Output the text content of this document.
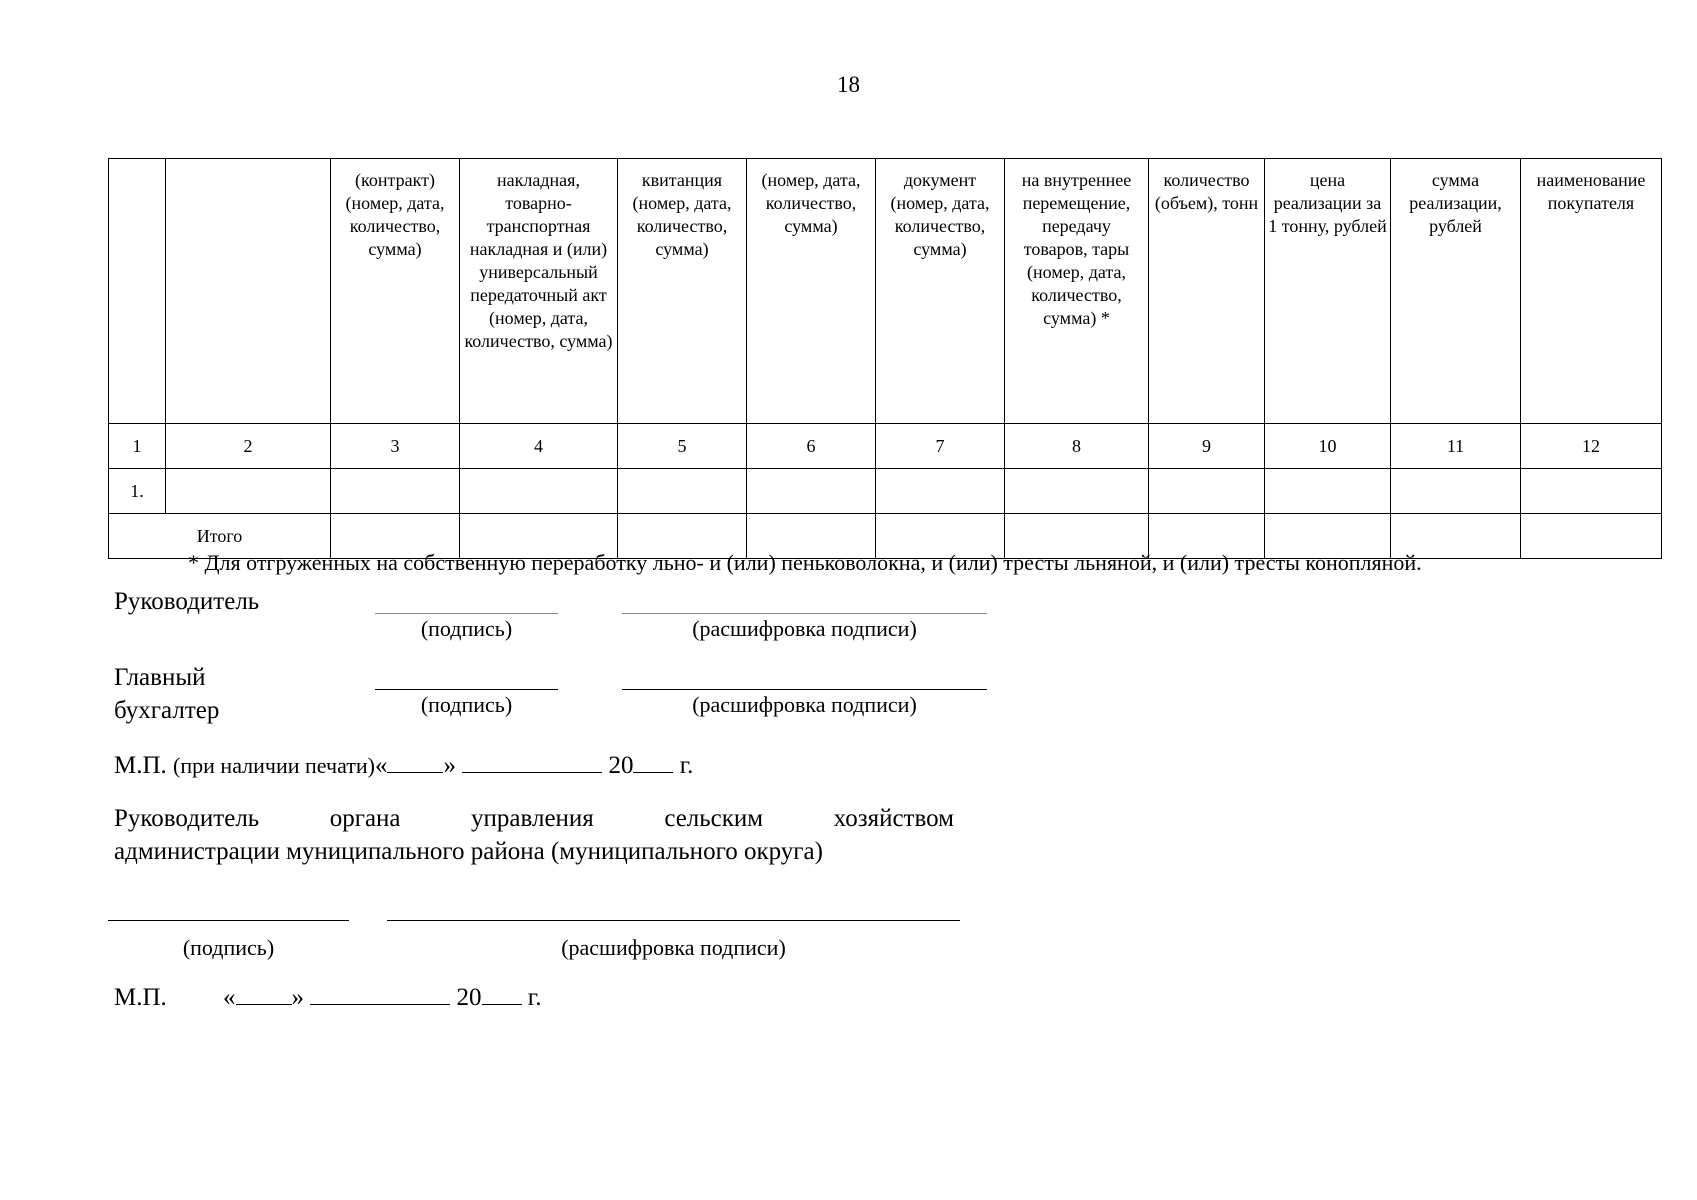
18
		(контракт) (номер, дата, количество, сумма)	накладная, товарно-транспортная накладная и (или) универсальный передаточный акт (номер, дата, количество, сумма)	квитанция (номер, дата, количество, сумма)	(номер, дата, количество, сумма)	документ (номер, дата, количество, сумма)	на внутреннее перемещение, передачу товаров, тары (номер, дата, количество, сумма) *	количество (объем), тонн	цена реализации за 1 тонну, рублей	сумма реализации, рублей	наименование покупателя
1	2	3	4	5	6	7	8	9	10	11	12
1.											
Итого											
* Для отгруженных на собственную переработку льно- и (или) пеньковолокна, и (или) тресты льняной, и (или) тресты конопляной.
Руководитель
(подпись)	(расшифровка подписи)
Главный
бухгалтер	(подпись)	(расшифровка подписи)
М.П. (при наличии печати)« »	20 г.
Руководитель	органа	управления	сельским	хозяйством
администрации муниципального района (муниципального округа)
(подпись)	(расшифровка подписи)
М.П. « »	20 г.
